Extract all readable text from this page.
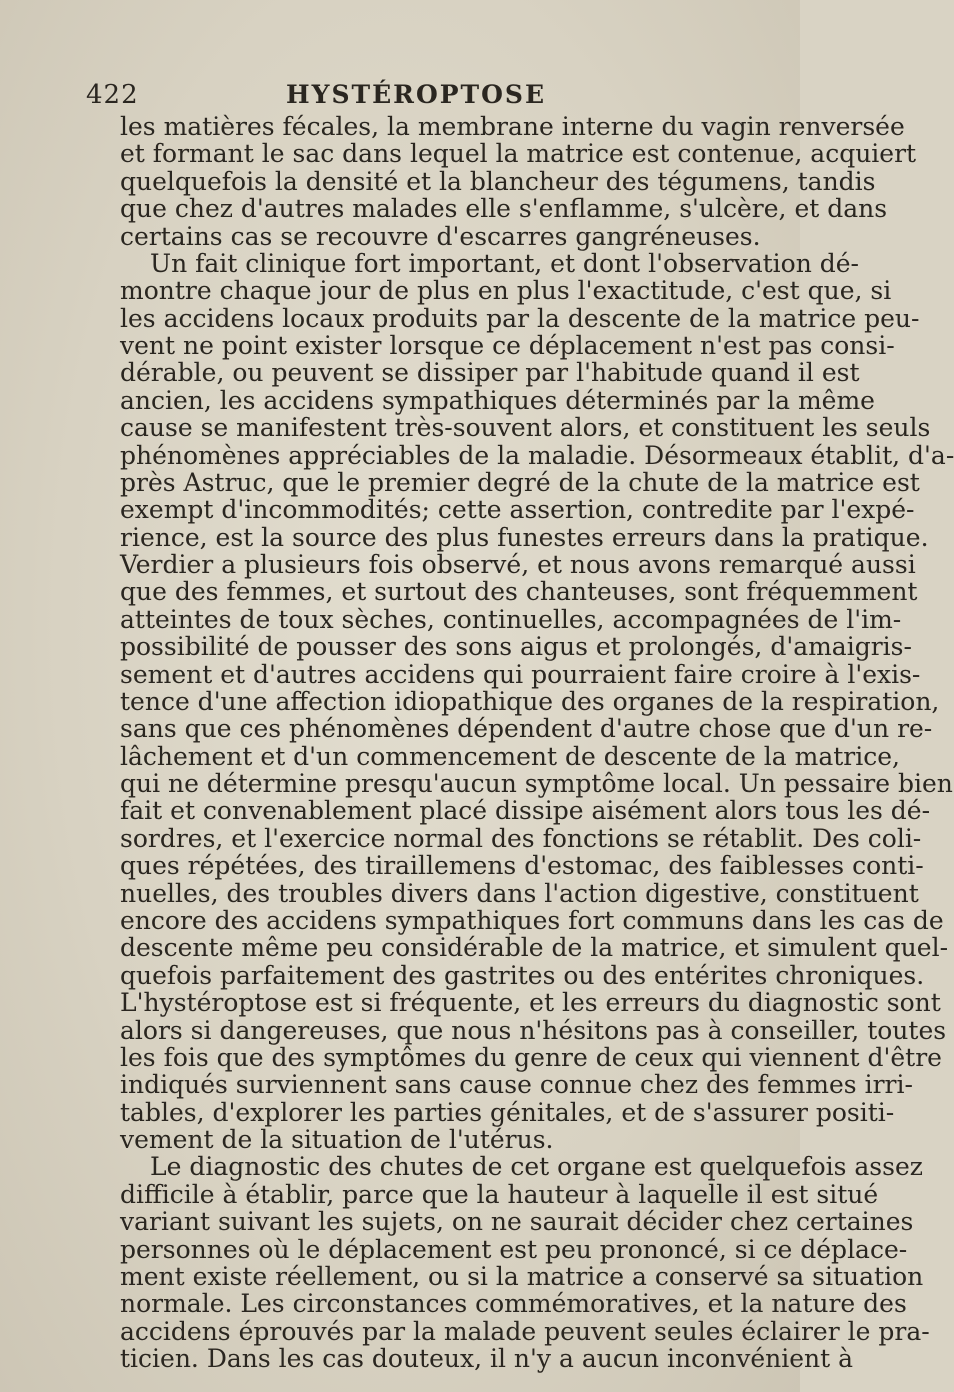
422	HYSTÉROPTOSE
les matières fécales, la membrane interne du vagin renversée
et formant le sac dans lequel la matrice est contenue, acquiert
quelquefois la densité et la blancheur des tégumens, tandis
que chez d'autres malades elle s'enflamme, s'ulcère, et dans
certains cas se recouvre d'escarres gangréneuses.
Un fait clinique fort important, et dont l'observation dé-
montre chaque jour de plus en plus l'exactitude, c'est que, si
les accidens locaux produits par la descente de la matrice peu-
vent ne point exister lorsque ce déplacement n'est pas consi-
dérable, ou peuvent se dissiper par l'habitude quand il est
ancien, les accidens sympathiques déterminés par la même
cause se manifestent très-souvent alors, et constituent les seuls
phénomènes appréciables de la maladie. Désormeaux établit, d'a-
près Astruc, que le premier degré de la chute de la matrice est
exempt d'incommodités; cette assertion, contredite par l'expé-
rience, est la source des plus funestes erreurs dans la pratique.
Verdier a plusieurs fois observé, et nous avons remarqué aussi
que des femmes, et surtout des chanteuses, sont fréquemment
atteintes de toux sèches, continuelles, accompagnées de l'im-
possibilité de pousser des sons aigus et prolongés, d'amaigris-
sement et d'autres accidens qui pourraient faire croire à l'exis-
tence d'une affection idiopathique des organes de la respiration,
sans que ces phénomènes dépendent d'autre chose que d'un re-
lâchement et d'un commencement de descente de la matrice,
qui ne détermine presqu'aucun symptôme local. Un pessaire bien
fait et convenablement placé dissipe aisément alors tous les dé-
sordres, et l'exercice normal des fonctions se rétablit. Des coli-
ques répétées, des tiraillemens d'estomac, des faiblesses conti-
nuelles, des troubles divers dans l'action digestive, constituent
encore des accidens sympathiques fort communs dans les cas de
descente même peu considérable de la matrice, et simulent quel-
quefois parfaitement des gastrites ou des entérites chroniques.
L'hystéroptose est si fréquente, et les erreurs du diagnostic sont
alors si dangereuses, que nous n'hésitons pas à conseiller, toutes
les fois que des symptômes du genre de ceux qui viennent d'être
indiqués surviennent sans cause connue chez des femmes irri-
tables, d'explorer les parties génitales, et de s'assurer positi-
vement de la situation de l'utérus.
Le diagnostic des chutes de cet organe est quelquefois assez
difficile à établir, parce que la hauteur à laquelle il est situé
variant suivant les sujets, on ne saurait décider chez certaines
personnes où le déplacement est peu prononcé, si ce déplace-
ment existe réellement, ou si la matrice a conservé sa situation
normale. Les circonstances commémoratives, et la nature des
accidens éprouvés par la malade peuvent seules éclairer le pra-
ticien. Dans les cas douteux, il n'y a aucun inconvénient à
